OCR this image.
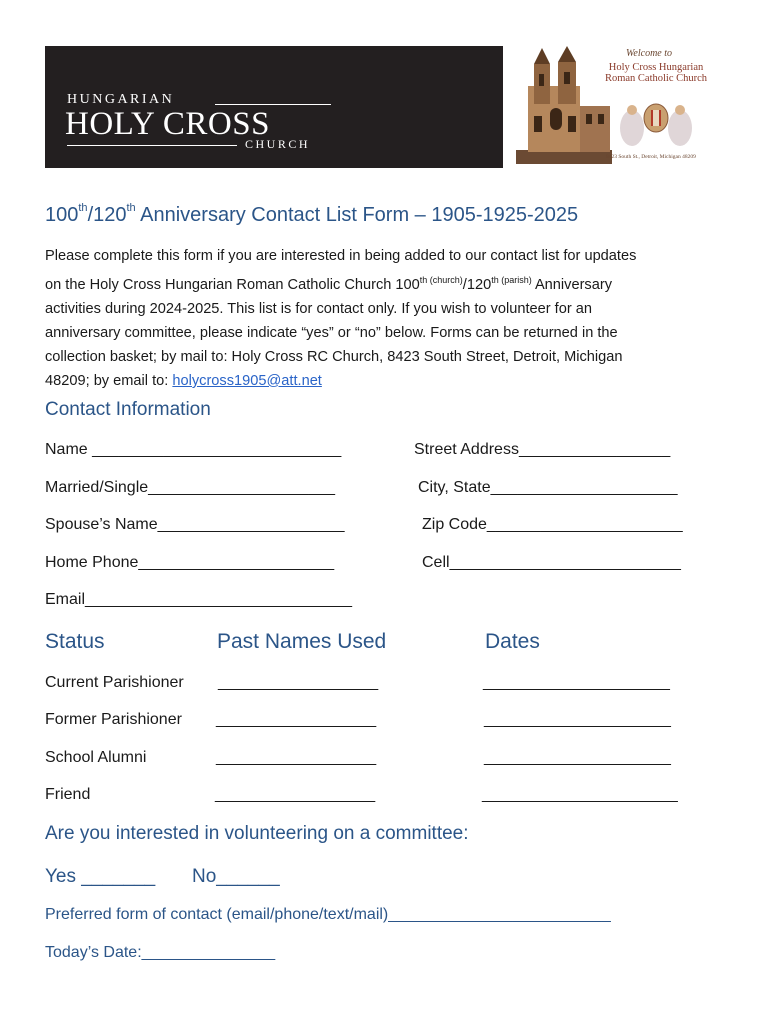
HUNGARIAN
HOLY CROSS
CHURCH
Welcome to
Holy Cross Hungarian
Roman Catholic Church
8423 South St., Detroit, Michigan 48209
100th/120th Anniversary Contact List Form – 1905-1925-2025
Please complete this form if you are interested in being added to our contact list for updates
on the Holy Cross Hungarian Roman Catholic Church $100^{th (church)}/120^{th (parish)}$ Anniversary
activities during 2024-2025. This list is for contact only. If you wish to volunteer for an
anniversary committee, please indicate “yes” or “no” below. Forms can be returned in the
collection basket; by mail to: Holy Cross RC Church, 8423 South Street, Detroit, Michigan
48209; by email to: holycross1905@att.net
Contact Information
Name ____________________________	Street Address_________________
Married/Single_____________________	City, State_____________________
Spouse’s Name_____________________	Zip Code______________________
Home Phone______________________	Cell__________________________
Email______________________________
Status	Past Names Used	Dates
Current Parishioner __________________	_____________________
Former Parishioner __________________	_____________________
School Alumni	__________________	_____________________
Friend	__________________	______________________
Are you interested in volunteering on a committee:
Yes _______ No______
Preferred form of contact (email/phone/text/mail)_________________________
Today’s Date:_______________
